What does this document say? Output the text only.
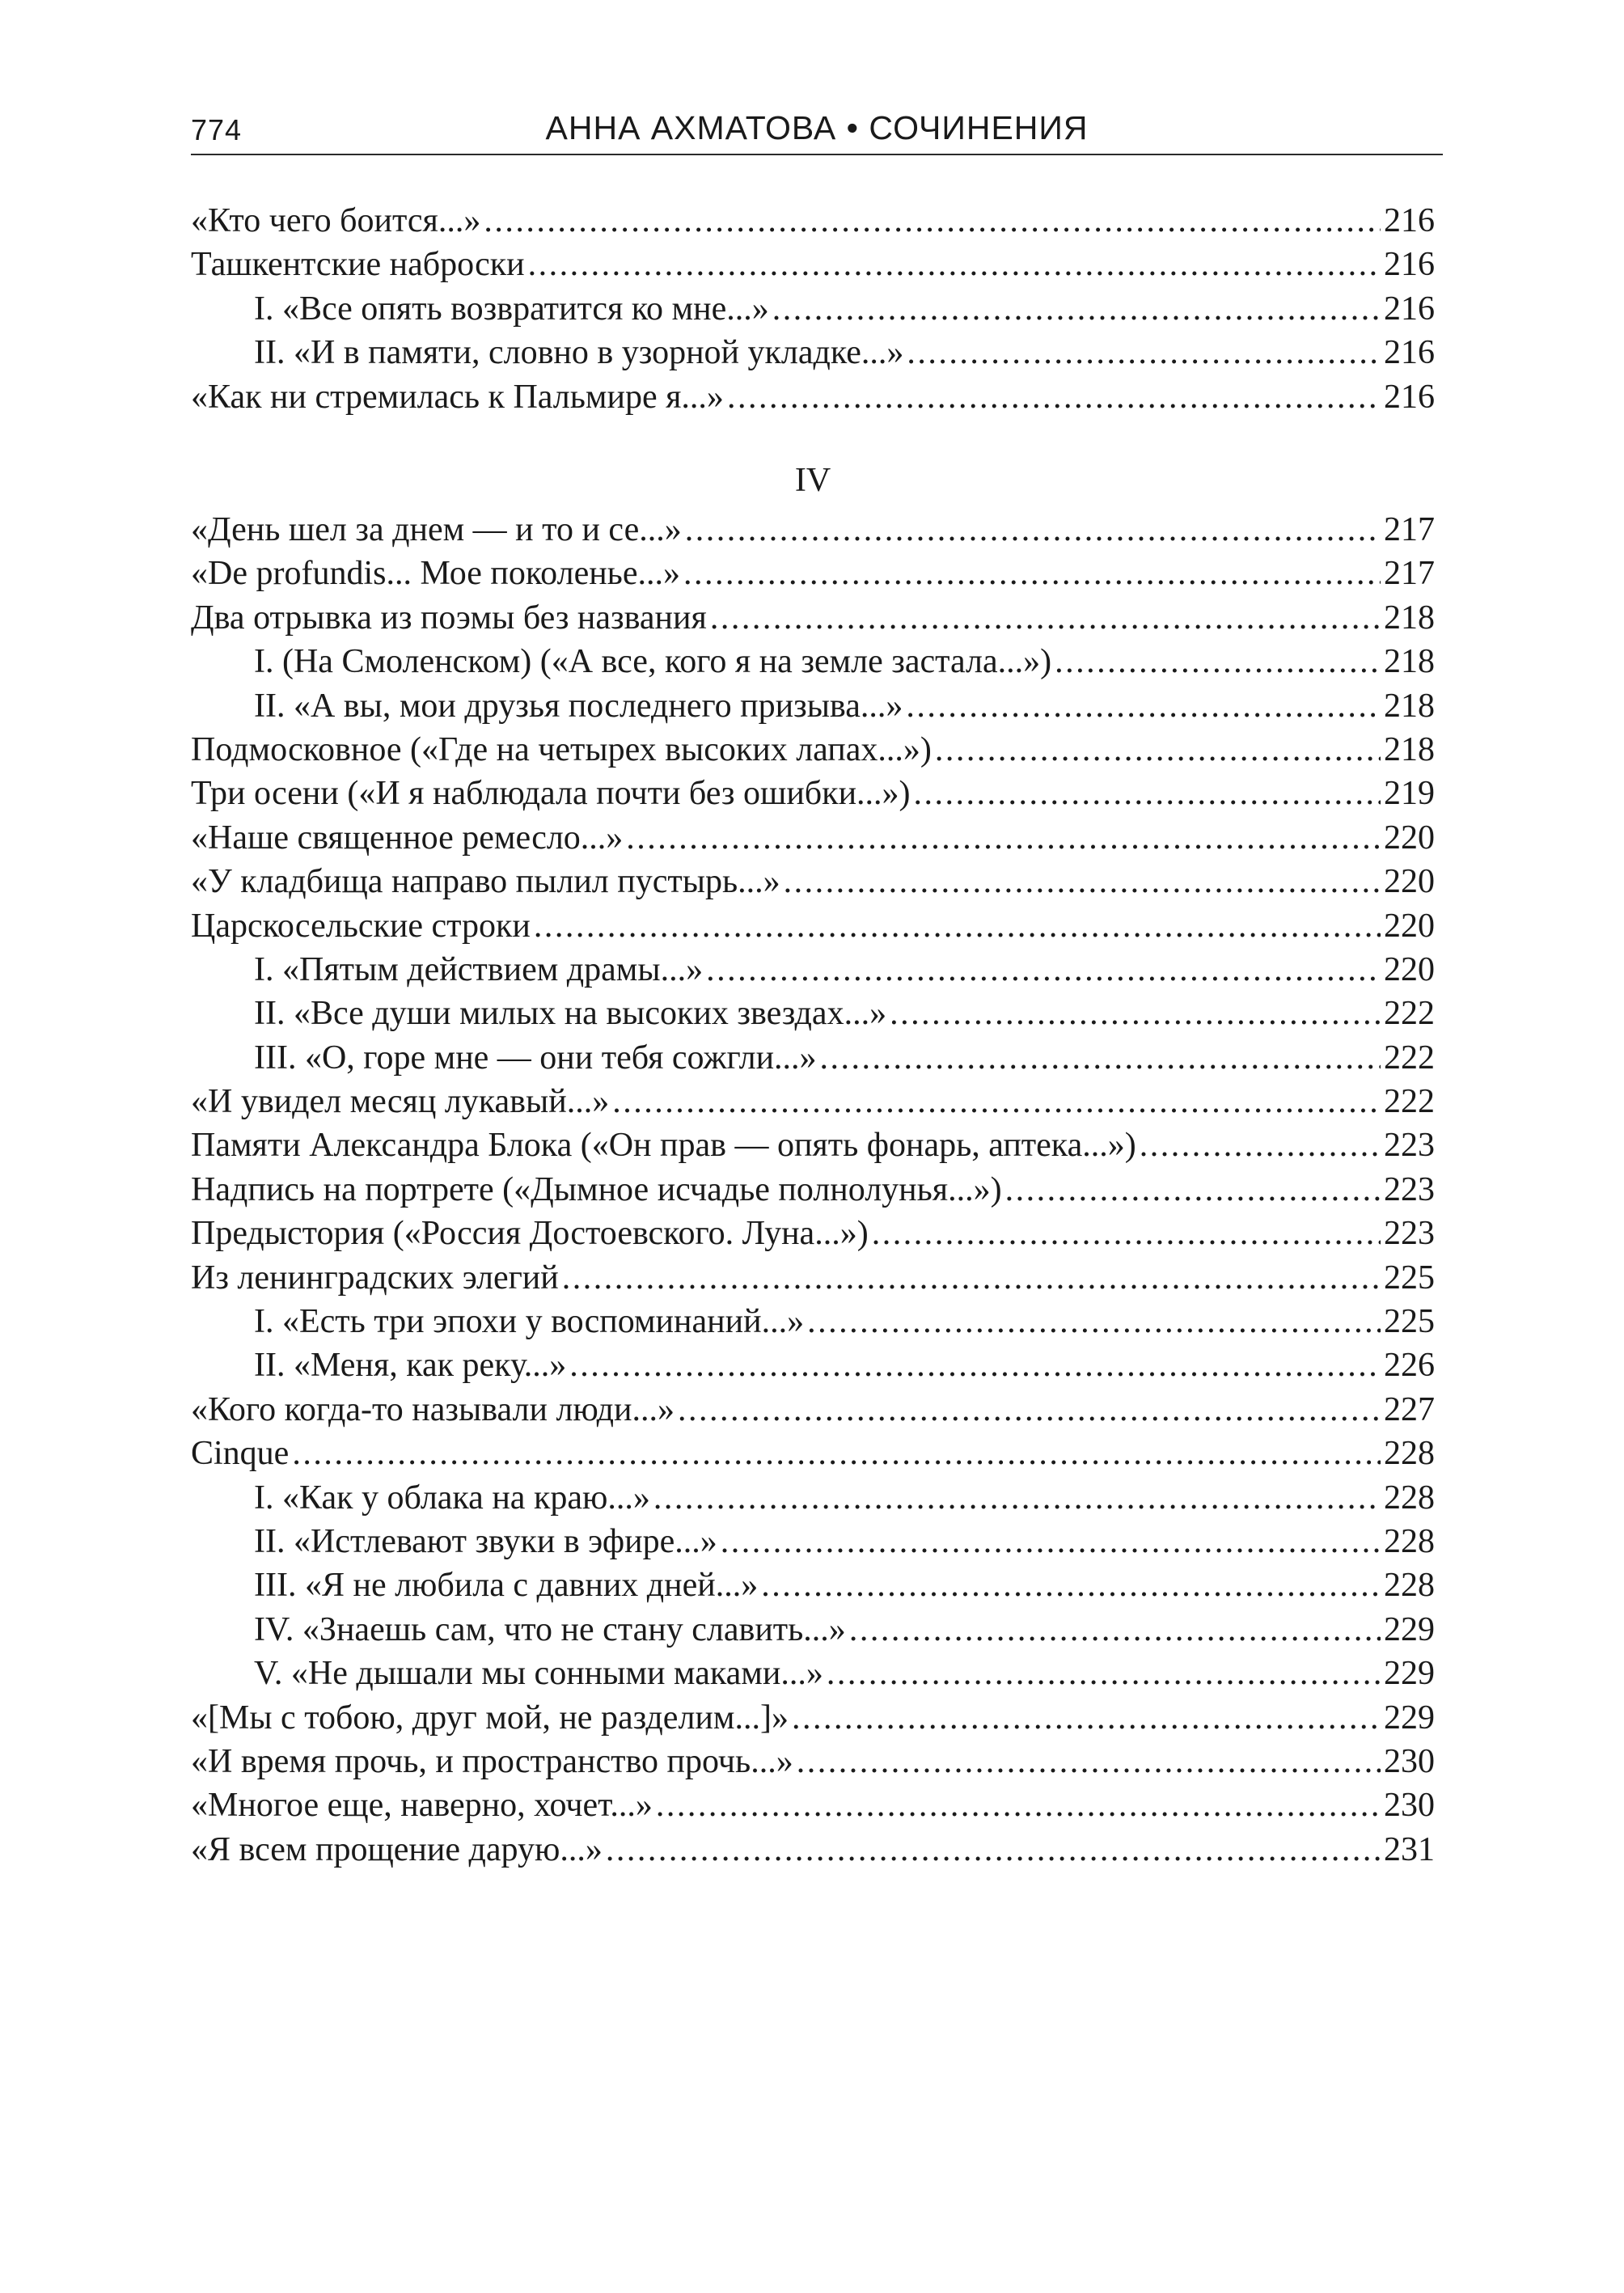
774	АННА АХМАТОВА • СОЧИНЕНИЯ
«Кто чего боится...» . . .	216
Ташкентские наброски . . .	216
I. «Все опять возвратится ко мне...» . . .	216
II. «И в памяти, словно в узорной укладке...» . . .	216
«Как ни стремилась к Пальмире я...» . . .	216
IV
«День шел за днем — и то и се...» . . .	217
«De profundis... Мое поколенье...» . . .	217
Два отрывка из поэмы без названия . . .	218
I. (На Смоленском) («А все, кого я на земле застала...») . . .	218
II. «А вы, мои друзья последнего призыва...» . . .	218
Подмосковное («Где на четырех высоких лапах...») . . .	218
Три осени («И я наблюдала почти без ошибки...») . . .	219
«Наше священное ремесло...» . . .	220
«У кладбища направо пылил пустырь...» . . .	220
Царскосельские строки . . .	220
I. «Пятым действием драмы...» . . .	220
II. «Все души милых на высоких звездах...» . . .	222
III. «О, горе мне — они тебя сожгли...» . . .	222
«И увидел месяц лукавый...» . . .	222
Памяти Александра Блока («Он прав — опять фонарь, аптека...») . . .	223
Надпись на портрете («Дымное исчадье полнолунья...») . . .	223
Предыстория («Россия Достоевского. Луна...») . . .	223
Из ленинградских элегий . . .	225
I. «Есть три эпохи у воспоминаний...» . . .	225
II. «Меня, как реку...» . . .	226
«Кого когда-то называли люди...» . . .	227
Cinque . . .	228
I. «Как у облака на краю...» . . .	228
II. «Истлевают звуки в эфире...» . . .	228
III. «Я не любила с давних дней...» . . .	228
IV. «Знаешь сам, что не стану славить...» . . .	229
V. «Не дышали мы сонными маками...» . . .	229
«[Мы с тобою, друг мой, не разделим...]» . . .	229
«И время прочь, и пространство прочь...» . . .	230
«Многое еще, наверно, хочет...» . . .	230
«Я всем прощение дарую...» . . .	231
